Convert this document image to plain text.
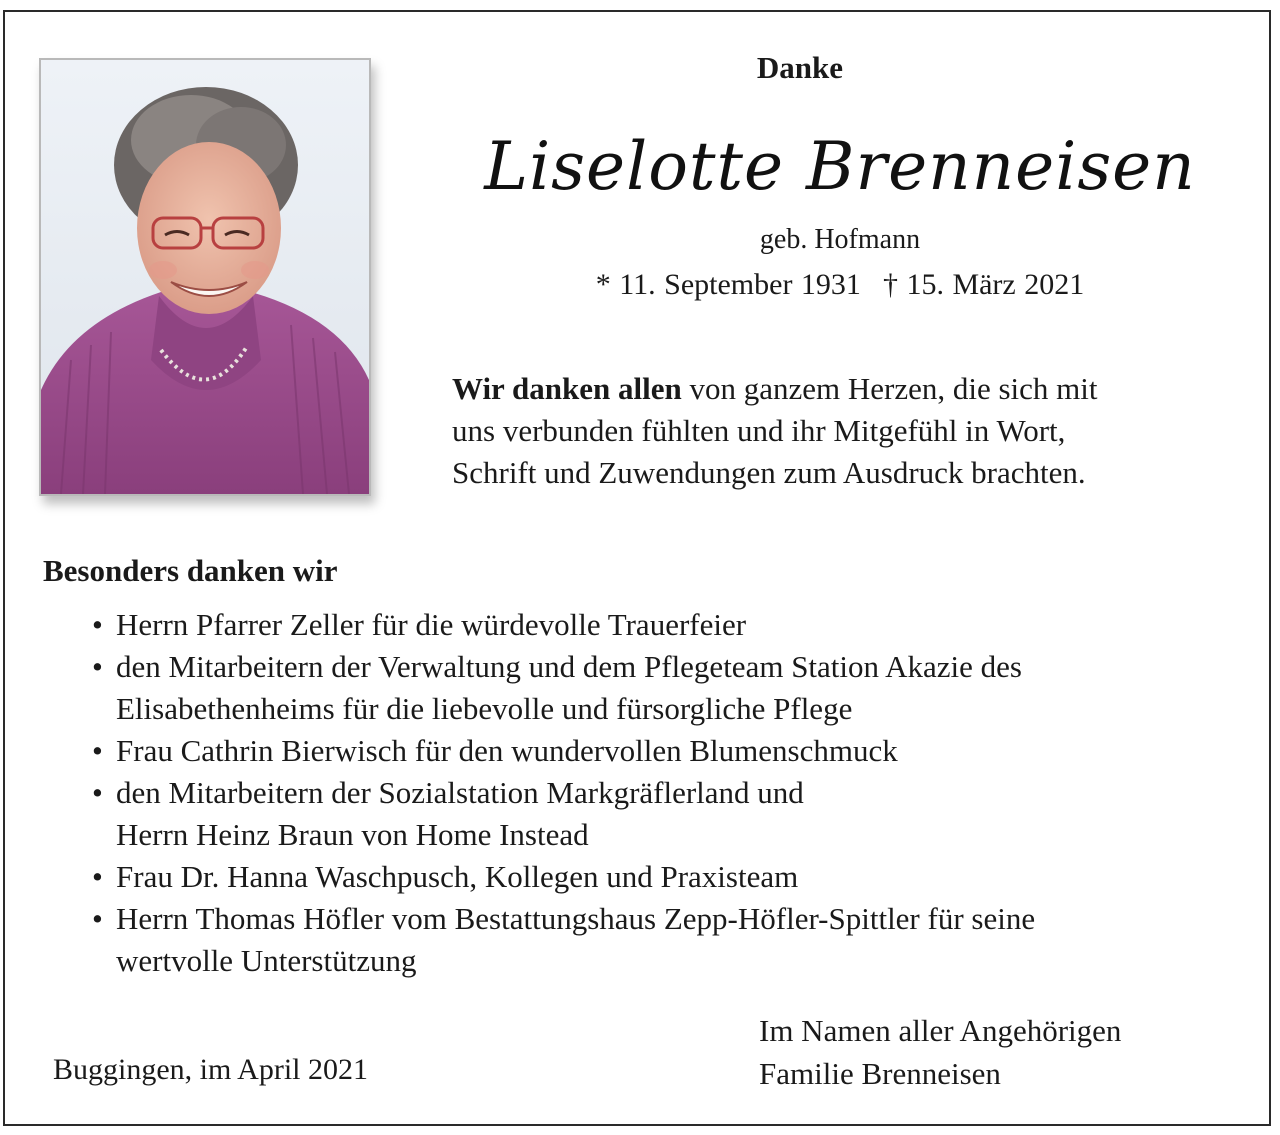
Danke
Liselotte Brenneisen
geb. Hofmann
* 11. September 1931 † 15. März 2021
Wir danken allen von ganzem Herzen, die sich mit
uns verbunden fühlten und ihr Mitgefühl in Wort,
Schrift und Zuwendungen zum Ausdruck brachten.
Besonders danken wir
• Herrn Pfarrer Zeller für die würdevolle Trauerfeier
• den Mitarbeitern der Verwaltung und dem Pflegeteam Station Akazie des
Elisabethenheims für die liebevolle und fürsorgliche Pflege
• Frau Cathrin Bierwisch für den wundervollen Blumenschmuck
• den Mitarbeitern der Sozialstation Markgräflerland und
Herrn Heinz Braun von Home Instead
• Frau Dr. Hanna Waschpusch, Kollegen und Praxisteam
• Herrn Thomas Höfler vom Bestattungshaus Zepp-Höfler-Spittler für seine
wertvolle Unterstützung
Buggingen, im April 2021
Im Namen aller Angehörigen
Familie Brenneisen
